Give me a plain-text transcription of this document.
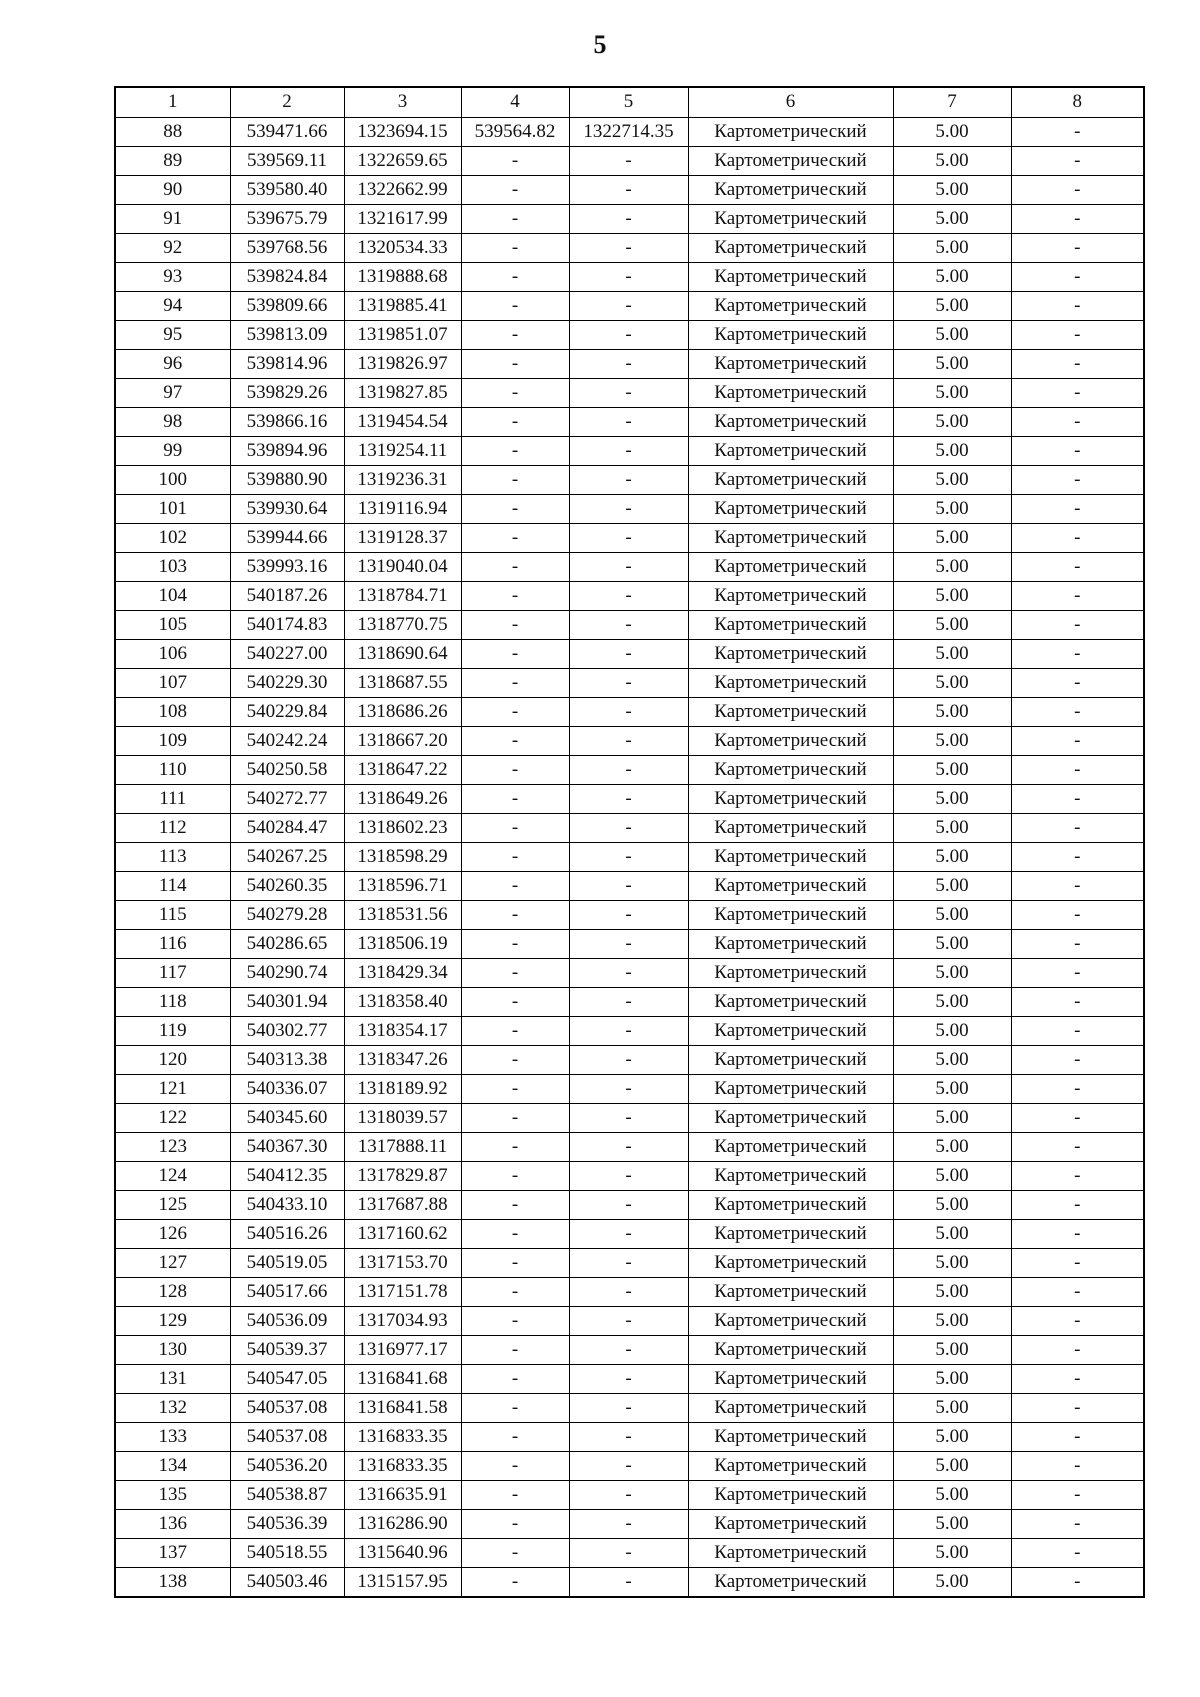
5
1	2	3	4	5	6	7	8
88	539471.66	1323694.15	539564.82	1322714.35	Картометрический	5.00	-
89	539569.11	1322659.65	-	-	Картометрический	5.00	-
90	539580.40	1322662.99	-	-	Картометрический	5.00	-
91	539675.79	1321617.99	-	-	Картометрический	5.00	-
92	539768.56	1320534.33	-	-	Картометрический	5.00	-
93	539824.84	1319888.68	-	-	Картометрический	5.00	-
94	539809.66	1319885.41	-	-	Картометрический	5.00	-
95	539813.09	1319851.07	-	-	Картометрический	5.00	-
96	539814.96	1319826.97	-	-	Картометрический	5.00	-
97	539829.26	1319827.85	-	-	Картометрический	5.00	-
98	539866.16	1319454.54	-	-	Картометрический	5.00	-
99	539894.96	1319254.11	-	-	Картометрический	5.00	-
100	539880.90	1319236.31	-	-	Картометрический	5.00	-
101	539930.64	1319116.94	-	-	Картометрический	5.00	-
102	539944.66	1319128.37	-	-	Картометрический	5.00	-
103	539993.16	1319040.04	-	-	Картометрический	5.00	-
104	540187.26	1318784.71	-	-	Картометрический	5.00	-
105	540174.83	1318770.75	-	-	Картометрический	5.00	-
106	540227.00	1318690.64	-	-	Картометрический	5.00	-
107	540229.30	1318687.55	-	-	Картометрический	5.00	-
108	540229.84	1318686.26	-	-	Картометрический	5.00	-
109	540242.24	1318667.20	-	-	Картометрический	5.00	-
110	540250.58	1318647.22	-	-	Картометрический	5.00	-
111	540272.77	1318649.26	-	-	Картометрический	5.00	-
112	540284.47	1318602.23	-	-	Картометрический	5.00	-
113	540267.25	1318598.29	-	-	Картометрический	5.00	-
114	540260.35	1318596.71	-	-	Картометрический	5.00	-
115	540279.28	1318531.56	-	-	Картометрический	5.00	-
116	540286.65	1318506.19	-	-	Картометрический	5.00	-
117	540290.74	1318429.34	-	-	Картометрический	5.00	-
118	540301.94	1318358.40	-	-	Картометрический	5.00	-
119	540302.77	1318354.17	-	-	Картометрический	5.00	-
120	540313.38	1318347.26	-	-	Картометрический	5.00	-
121	540336.07	1318189.92	-	-	Картометрический	5.00	-
122	540345.60	1318039.57	-	-	Картометрический	5.00	-
123	540367.30	1317888.11	-	-	Картометрический	5.00	-
124	540412.35	1317829.87	-	-	Картометрический	5.00	-
125	540433.10	1317687.88	-	-	Картометрический	5.00	-
126	540516.26	1317160.62	-	-	Картометрический	5.00	-
127	540519.05	1317153.70	-	-	Картометрический	5.00	-
128	540517.66	1317151.78	-	-	Картометрический	5.00	-
129	540536.09	1317034.93	-	-	Картометрический	5.00	-
130	540539.37	1316977.17	-	-	Картометрический	5.00	-
131	540547.05	1316841.68	-	-	Картометрический	5.00	-
132	540537.08	1316841.58	-	-	Картометрический	5.00	-
133	540537.08	1316833.35	-	-	Картометрический	5.00	-
134	540536.20	1316833.35	-	-	Картометрический	5.00	-
135	540538.87	1316635.91	-	-	Картометрический	5.00	-
136	540536.39	1316286.90	-	-	Картометрический	5.00	-
137	540518.55	1315640.96	-	-	Картометрический	5.00	-
138	540503.46	1315157.95	-	-	Картометрический	5.00	-
